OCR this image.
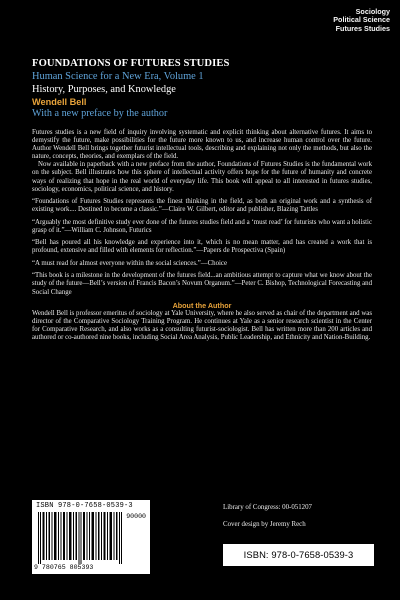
Sociology
Political Science
Futures Studies
FOUNDATIONS OF FUTURES STUDIES
Human Science for a New Era, Volume 1
History, Purposes, and Knowledge
Wendell Bell
With a new preface by the author

Futures studies is a new field of inquiry involving systematic and explicit thinking about alternative futures. It aims to demystify the future, make possibilities for the future more known to us, and increase human control over the future. Author Wendell Bell brings together futurist intellectual tools, describing and explaining not only the methods, but also the nature, concepts, theories, and exemplars of the field.

Now available in paperback with a new preface from the author, Foundations of Futures Studies is the fundamental work on the subject. Bell illustrates how this sphere of intellectual activity offers hope for the future of humanity and concrete ways of realizing that hope in the real world of everyday life. This book will appeal to all interested in futures studies, sociology, economics, political science, and history.

“Foundations of Futures Studies represents the finest thinking in the field, as both an original work and a synthesis of existing work.... Destined to become a classic.”—Claire W. Gilbert, editor and publisher, Blazing Tattles

“Arguably the most definitive study ever done of the futures studies field and a ‘must read’ for futurists who want a holistic grasp of it.”—William C. Johnson, Futurics

“Bell has poured all his knowledge and experience into it, which is no mean matter, and has created a work that is profound, extensive and filled with elements for reflection.”—Papers de Prospectiva (Spain)

“A must read for almost everyone within the social sciences.”—Choice

“This book is a milestone in the development of the futures field...an ambitious attempt to capture what we know about the study of the future—Bell’s version of Francis Bacon’s Novum Organum.”—Peter C. Bishop, Technological Forecasting and Social Change

About the Author

Wendell Bell is professor emeritus of sociology at Yale University, where he also served as chair of the department and was director of the Comparative Sociology Training Program. He continues at Yale as a senior research scientist in the Center for Comparative Research, and also works as a consulting futurist-sociologist. Bell has written more than 200 articles and authored or co-authored nine books, including Social Area Analysis, Public Leadership, and Ethnicity and Nation-Building.

ISBN 978-0-7658-0539-3
90000
9 780765 805393
Library of Congress: 00-051207
Cover design by Jeremy Rech
ISBN: 978-0-7658-0539-3
